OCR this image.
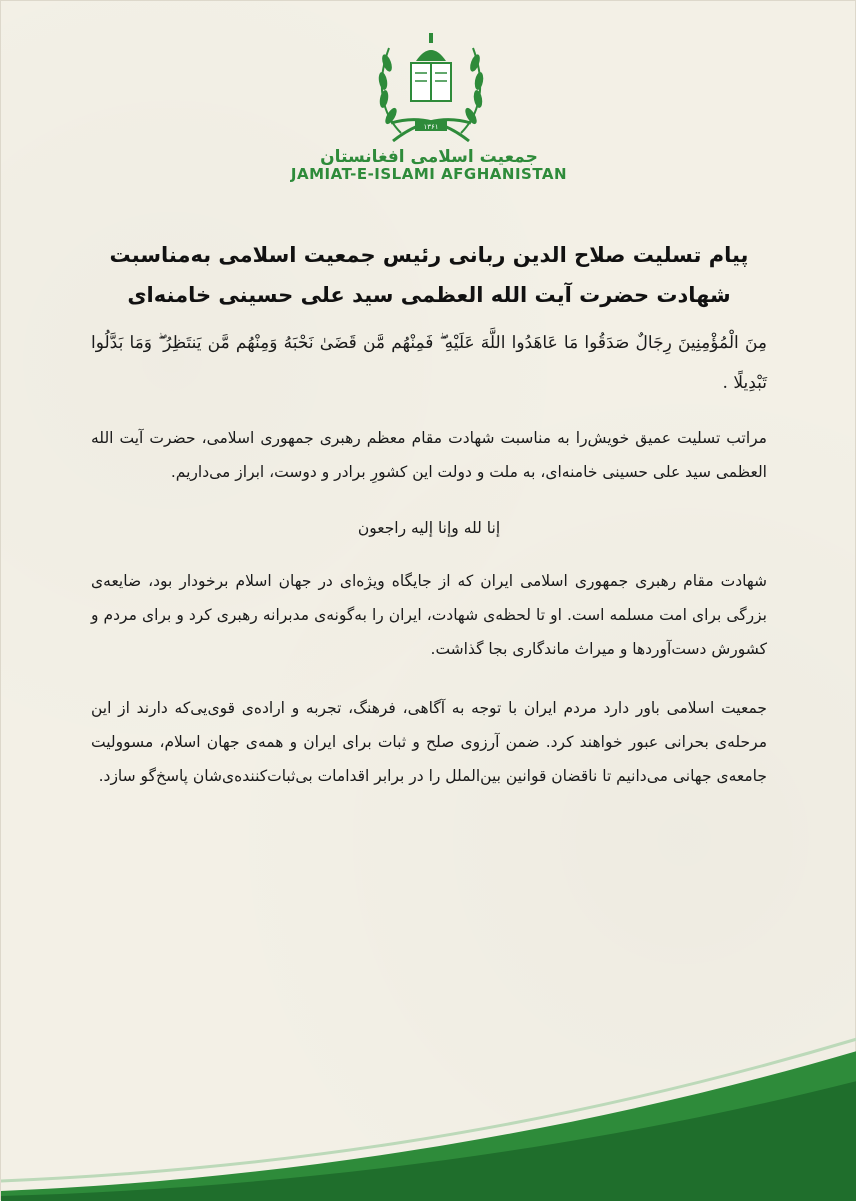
۱۳۶۱
جمعیت اسلامی افغانستان
JAMIAT-E-ISLAMI AFGHANISTAN
پیام تسلیت صلاح الدین ربانی رئیس جمعیت اسلامی به‌مناسبت شهادت حضرت آیت الله العظمی سید علی حسینی خامنه‌ای
مِنَ الْمُؤْمِنِينَ رِجَالٌ صَدَقُوا مَا عَاهَدُوا اللَّهَ عَلَيْهِ ۖ فَمِنْهُم مَّن قَضَىٰ نَحْبَهُ وَمِنْهُم مَّن يَنتَظِرُ ۖ وَمَا بَدَّلُوا تَبْدِيلًا .
مراتب تسلیت عمیق خویش‌را به مناسبت شهادت مقام معظم رهبری جمهوری اسلامی، حضرت آیت الله العظمی سید علی حسینی خامنه‌ای، به ملت و دولت این کشورِ برادر و دوست، ابراز می‌داریم.
إنا لله وإنا إليه راجعون
شهادت مقام رهبری جمهوری اسلامی ایران که از جایگاه ویژه‌ای در جهان اسلام برخودار بود، ضایعه‌ی بزرگی برای امت مسلمه است. او تا لحظه‌ی شهادت، ایران را به‌گونه‌ی مدبرانه رهبری کرد و برای مردم و کشورش دست‌آوردها و میراث ماندگاری بجا گذاشت.
جمعیت اسلامی باور دارد مردم ایران با توجه به آگاهی، فرهنگ، تجربه و اراده‌ی قوی‌یی‌که دارند از این مرحله‌ی بحرانی عبور خواهند کرد. ضمن آرزوی صلح و ثبات برای ایران و همه‌ی جهان اسلام، مسوولیت جامعه‌ی جهانی می‌دانیم تا ناقضان قوانین بین‌الملل را در برابر اقدامات بی‌ثبات‌کننده‌ی‌شان پاسخ‌گو سازد.
